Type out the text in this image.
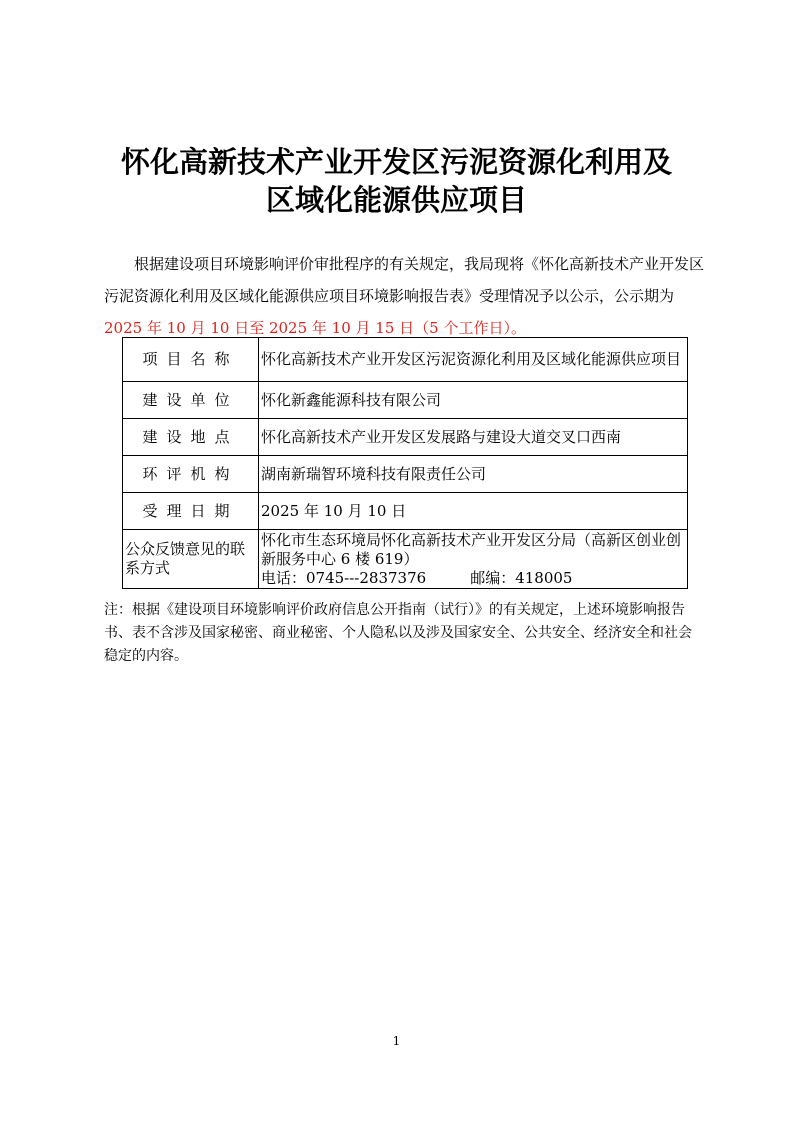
怀化高新技术产业开发区污泥资源化利用及
区域化能源供应项目

根据建设项目环境影响评价审批程序的有关规定，我局现将《怀化高新技术产业开发区污泥资源化利用及区域化能源供应项目环境影响报告表》受理情况予以公示，公示期为2025 年 10 月 10 日至 2025 年 10 月 15 日（5 个工作日）。

项目名称	怀化高新技术产业开发区污泥资源化利用及区域化能源供应项目
建设单位	怀化新鑫能源科技有限公司
建设地点	怀化高新技术产业开发区发展路与建设大道交叉口西南
环评机构	湖南新瑞智环境科技有限责任公司
受理日期	2025 年 10 月 10 日
公众反馈意见的联系方式	怀化市生态环境局怀化高新技术产业开发区分局（高新区创业创新服务中心 6 楼 619）
电话：0745---2837376 邮编：418005

注：根据《建设项目环境影响评价政府信息公开指南（试行）》的有关规定，上述环境影响报告书、表不含涉及国家秘密、商业秘密、个人隐私以及涉及国家安全、公共安全、经济安全和社会稳定的内容。

1
